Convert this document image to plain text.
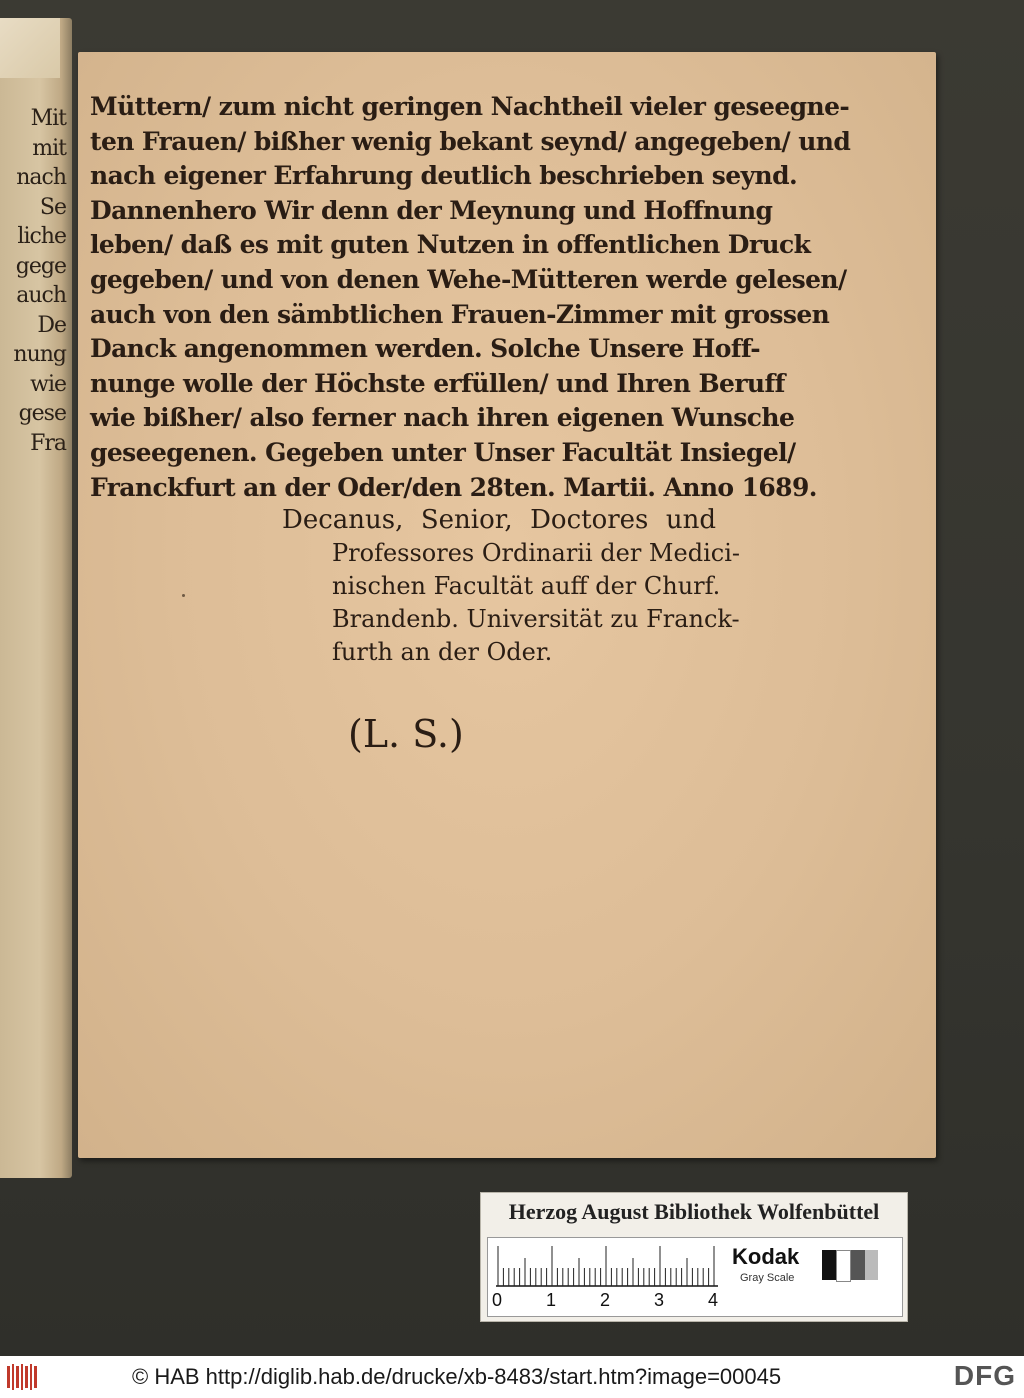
Mit
mit
nach
Se
liche
gege
auch
De
nung
wie
gese
Fra
Müttern/ zum nicht geringen Nachtheil vieler geseegne-
ten Frauen/ bißher wenig bekant seynd/ angegeben/ und
nach eigener Erfahrung deutlich beschrieben seynd.
Dannenhero Wir denn der Meynung und Hoffnung
leben/ daß es mit guten Nutzen in offentlichen Druck
gegeben/ und von denen Wehe-Mütteren werde gelesen/
auch von den sämbtlichen Frauen-Zimmer mit grossen
Danck angenommen werden. Solche Unsere Hoff-
nunge wolle der Höchste erfüllen/ und Ihren Beruff
wie bißher/ also ferner nach ihren eigenen Wunsche
geseegenen. Gegeben unter Unser Facultät Insiegel/
Franckfurt an der Oder/den 28ten. Martii. Anno 1689.
Decanus, Senior, Doctores und
Professores Ordinarii der Medici-
nischen Facultät auff der Churf.
Brandenb. Universität zu Franck-
furth an der Oder.
(L. S.)
Herzog August Bibliothek Wolfenbüttel
0 1 2 3 4
Kodak
Gray Scale
© HAB http://diglib.hab.de/drucke/xb-8483/start.htm?image=00045	DFG
